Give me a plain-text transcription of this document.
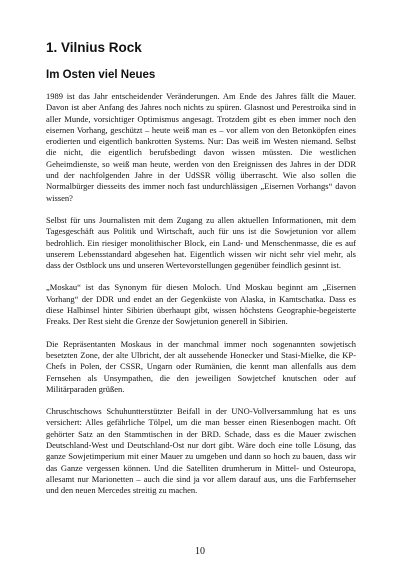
1. Vilnius Rock
Im Osten viel Neues

1989 ist das Jahr entscheidender Veränderungen. Am Ende des Jahres fällt die Mauer. Davon ist aber Anfang des Jahres noch nichts zu spüren. Glasnost und Perestroika sind in aller Munde, vorsichtiger Optimismus angesagt. Trotzdem gibt es eben immer noch den eisernen Vorhang, geschützt – heute weiß man es – vor allem von den Betonköpfen eines erodierten und eigentlich bankrotten Systems. Nur: Das weiß im Westen niemand. Selbst die nicht, die eigentlich berufsbedingt davon wissen müssten. Die westlichen Geheimdienste, so weiß man heute, werden von den Ereignissen des Jahres in der DDR und der nachfolgenden Jahre in der UdSSR völlig überrascht. Wie also sollen die Normalbürger diesseits des immer noch fast undurchlässigen „Eisernen Vorhangs“ davon wissen?

Selbst für uns Journalisten mit dem Zugang zu allen aktuellen Informationen, mit dem Tagesgeschäft aus Politik und Wirtschaft, auch für uns ist die Sowjetunion vor allem bedrohlich. Ein riesiger monolithischer Block, ein Land- und Menschenmasse, die es auf unserem Lebensstandard abgesehen hat. Eigentlich wissen wir nicht sehr viel mehr, als dass der Ostblock uns und unseren Wertevorstellungen gegenüber feindlich gesinnt ist.

„Moskau“ ist das Synonym für diesen Moloch. Und Moskau beginnt am „Eisernen Vorhang“ der DDR und endet an der Gegenküste von Alaska, in Kamtschatka. Dass es diese Halbinsel hinter Sibirien überhaupt gibt, wissen höchstens Geographie-begeisterte Freaks. Der Rest sieht die Grenze der Sowjetunion generell in Sibirien.

Die Repräsentanten Moskaus in der manchmal immer noch sogenannten sowjetisch besetzten Zone, der alte Ulbricht, der alt aussehende Honecker und Stasi-Mielke, die KP-Chefs in Polen, der CSSR, Ungarn oder Rumänien, die kennt man allenfalls aus dem Fernsehen als Unsympathen, die den jeweiligen Sowjetchef knutschen oder auf Militärparaden grüßen.

Chruschtschows Schuhuntterstützter Beifall in der UNO-Vollversammlung hat es uns versichert: Alles gefährliche Tölpel, um die man besser einen Riesenbogen macht. Oft gehörter Satz an den Stammtischen in der BRD. Schade, dass es die Mauer zwischen Deutschland-West und Deutschland-Ost nur dort gibt. Wäre doch eine tolle Lösung, das ganze Sowjetimperium mit einer Mauer zu umgeben und dann so hoch zu bauen, dass wir das Ganze vergessen können. Und die Satelliten drumherum in Mittel- und Osteuropa, allesamt nur Marionetten – auch die sind ja vor allem darauf aus, uns die Farbfernseher und den neuen Mercedes streitig zu machen.

10
